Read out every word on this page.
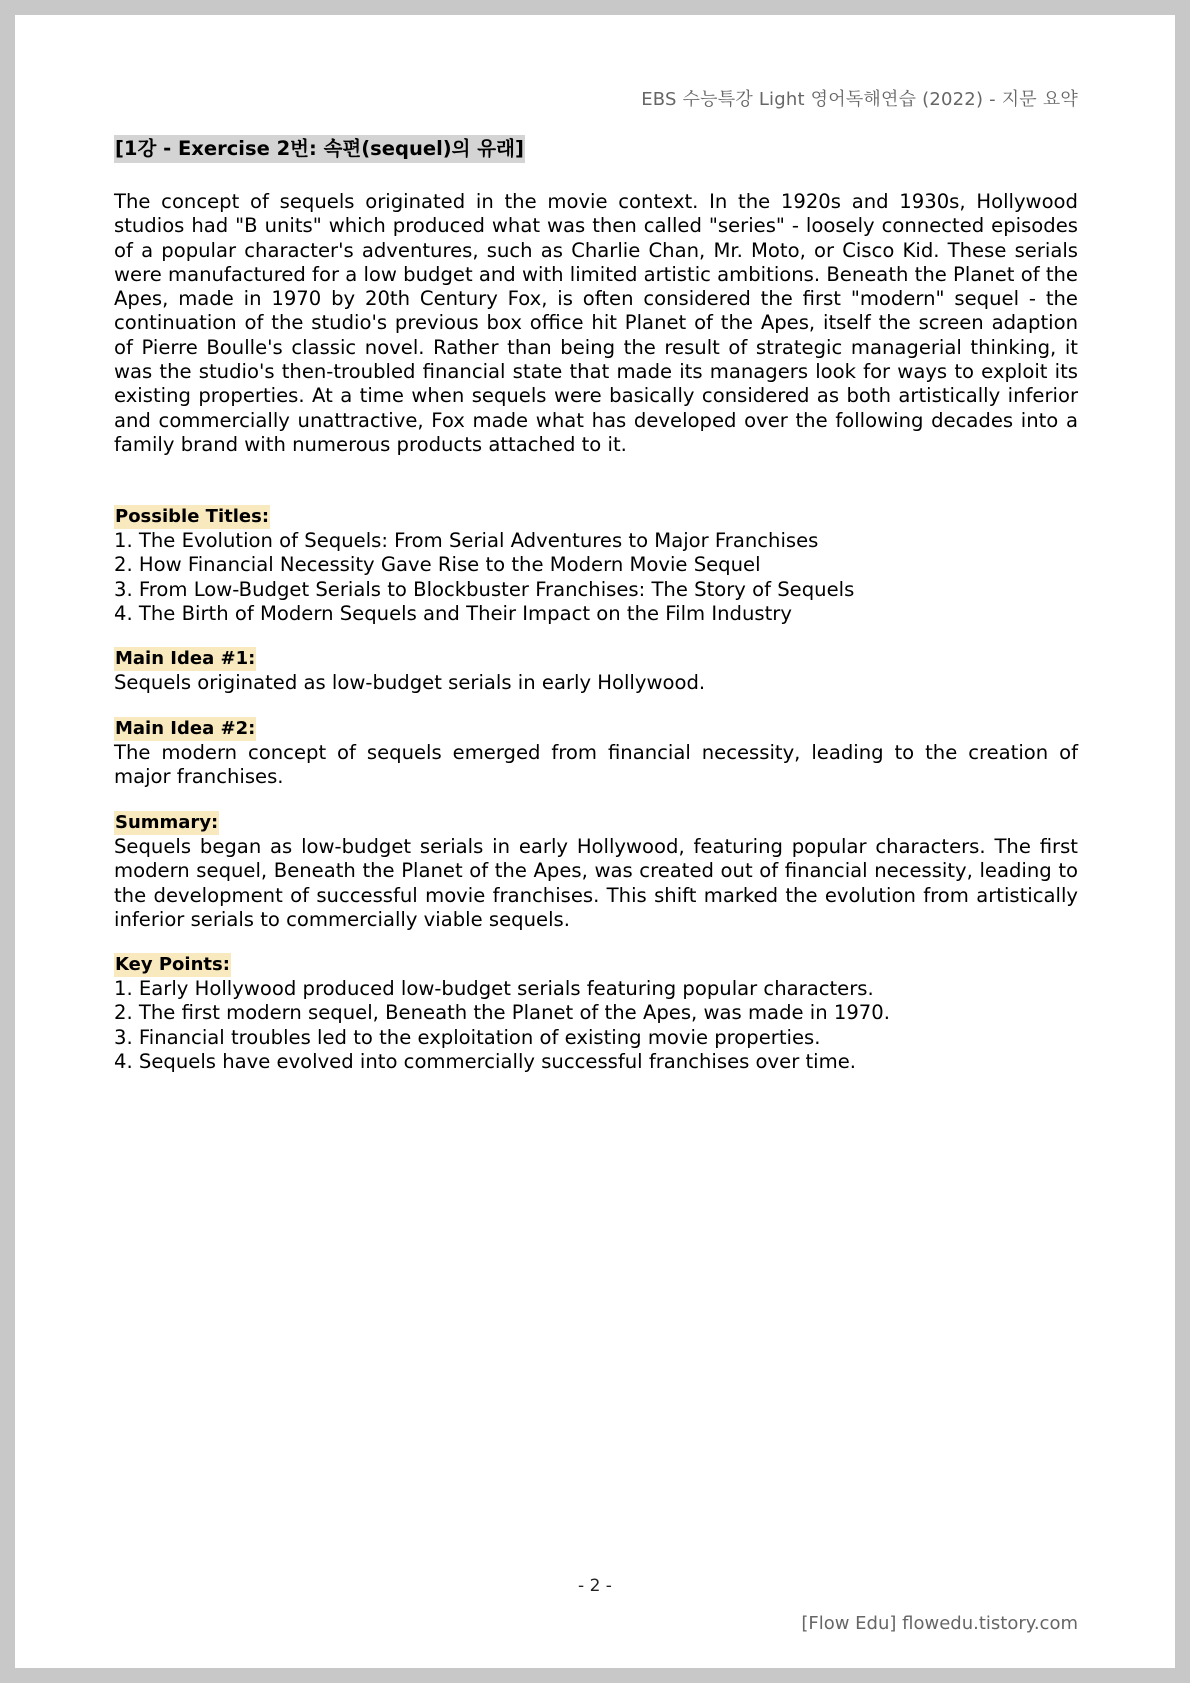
EBS 수능특강 Light 영어독해연습 (2022) - 지문 요약
[1강 - Exercise 2번: 속편(sequel)의 유래]

The concept of sequels originated in the movie context. In the 1920s and 1930s, Hollywood studios had "B units" which produced what was then called "series" - loosely connected episodes of a popular character's adventures, such as Charlie Chan, Mr. Moto, or Cisco Kid. These serials were manufactured for a low budget and with limited artistic ambitions. Beneath the Planet of the Apes, made in 1970 by 20th Century Fox, is often considered the first "modern" sequel - the continuation of the studio's previous box office hit Planet of the Apes, itself the screen adaption of Pierre Boulle's classic novel. Rather than being the result of strategic managerial thinking, it was the studio's then-troubled financial state that made its managers look for ways to exploit its existing properties. At a time when sequels were basically considered as both artistically inferior and commercially unattractive, Fox made what has developed over the following decades into a family brand with numerous products attached to it.

Possible Titles:
1. The Evolution of Sequels: From Serial Adventures to Major Franchises
2. How Financial Necessity Gave Rise to the Modern Movie Sequel
3. From Low-Budget Serials to Blockbuster Franchises: The Story of Sequels
4. The Birth of Modern Sequels and Their Impact on the Film Industry
Main Idea #1:
Sequels originated as low-budget serials in early Hollywood.
Main Idea #2:

The modern concept of sequels emerged from financial necessity, leading to the creation of major franchises.

Summary:

Sequels began as low-budget serials in early Hollywood, featuring popular characters. The first modern sequel, Beneath the Planet of the Apes, was created out of financial necessity, leading to the development of successful movie franchises. This shift marked the evolution from artistically inferior serials to commercially viable sequels.

Key Points:
1. Early Hollywood produced low-budget serials featuring popular characters.
2. The first modern sequel, Beneath the Planet of the Apes, was made in 1970.
3. Financial troubles led to the exploitation of existing movie properties.
4. Sequels have evolved into commercially successful franchises over time.
- 2 -
[Flow Edu] flowedu.tistory.com
